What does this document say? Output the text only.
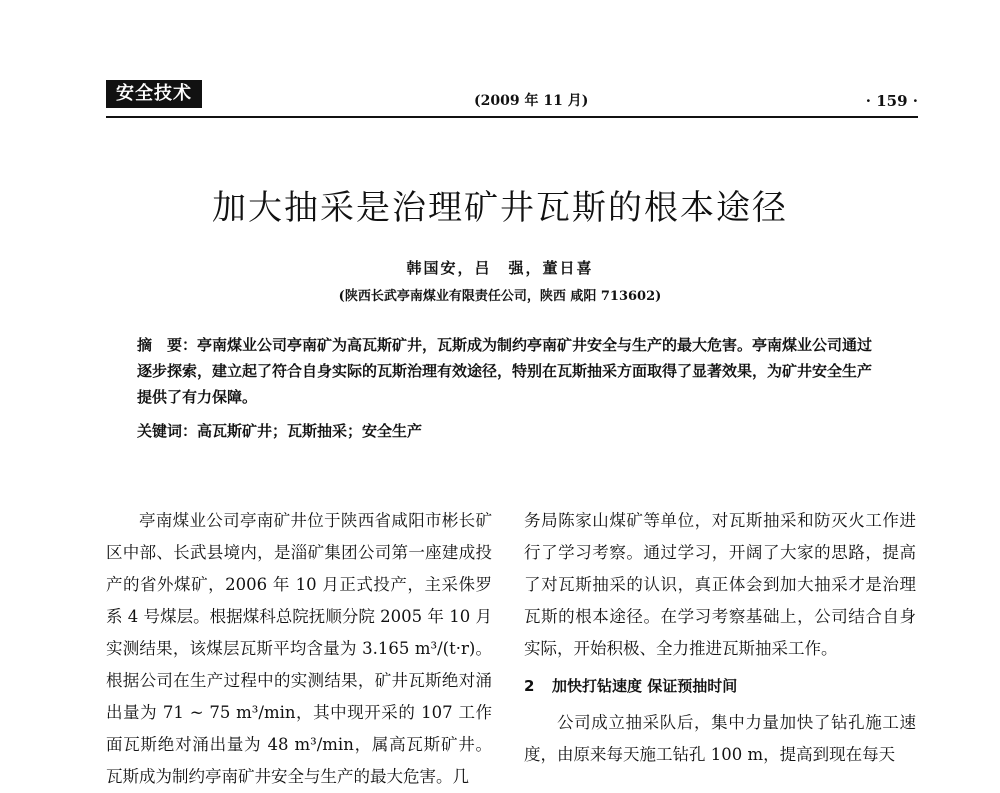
安全技术	(2009 年 11 月)	· 159 ·
加大抽采是治理矿井瓦斯的根本途径
韩国安，吕　强，董日喜
(陕西长武亭南煤业有限责任公司，陕西 咸阳 713602)
摘　要：亭南煤业公司亭南矿为高瓦斯矿井，瓦斯成为制约亭南矿井安全与生产的最大危害。亭南煤业公司通过逐步探索，建立起了符合自身实际的瓦斯治理有效途径，特别在瓦斯抽采方面取得了显著效果，为矿井安全生产提供了有力保障。
关键词：高瓦斯矿井；瓦斯抽采；安全生产

亭南煤业公司亭南矿井位于陕西省咸阳市彬长矿区中部、长武县境内，是淄矿集团公司第一座建成投产的省外煤矿，2006 年 10 月正式投产，主采侏罗系 4 号煤层。根据煤科总院抚顺分院 2005 年 10 月实测结果，该煤层瓦斯平均含量为 3.165 m³/(t·r)。根据公司在生产过程中的实测结果，矿井瓦斯绝对涌出量为 71 ~ 75 m³/min，其中现开采的 107 工作面瓦斯绝对涌出量为 48 m³/min，属高瓦斯矿井。瓦斯成为制约亭南矿井安全与生产的最大危害。几

务局陈家山煤矿等单位，对瓦斯抽采和防灭火工作进行了学习考察。通过学习，开阔了大家的思路，提高了对瓦斯抽采的认识，真正体会到加大抽采才是治理瓦斯的根本途径。在学习考察基础上，公司结合自身实际，开始积极、全力推进瓦斯抽采工作。

2 加快打钻速度 保证预抽时间

公司成立抽采队后，集中力量加快了钻孔施工速度，由原来每天施工钻孔 100 m，提高到现在每天
